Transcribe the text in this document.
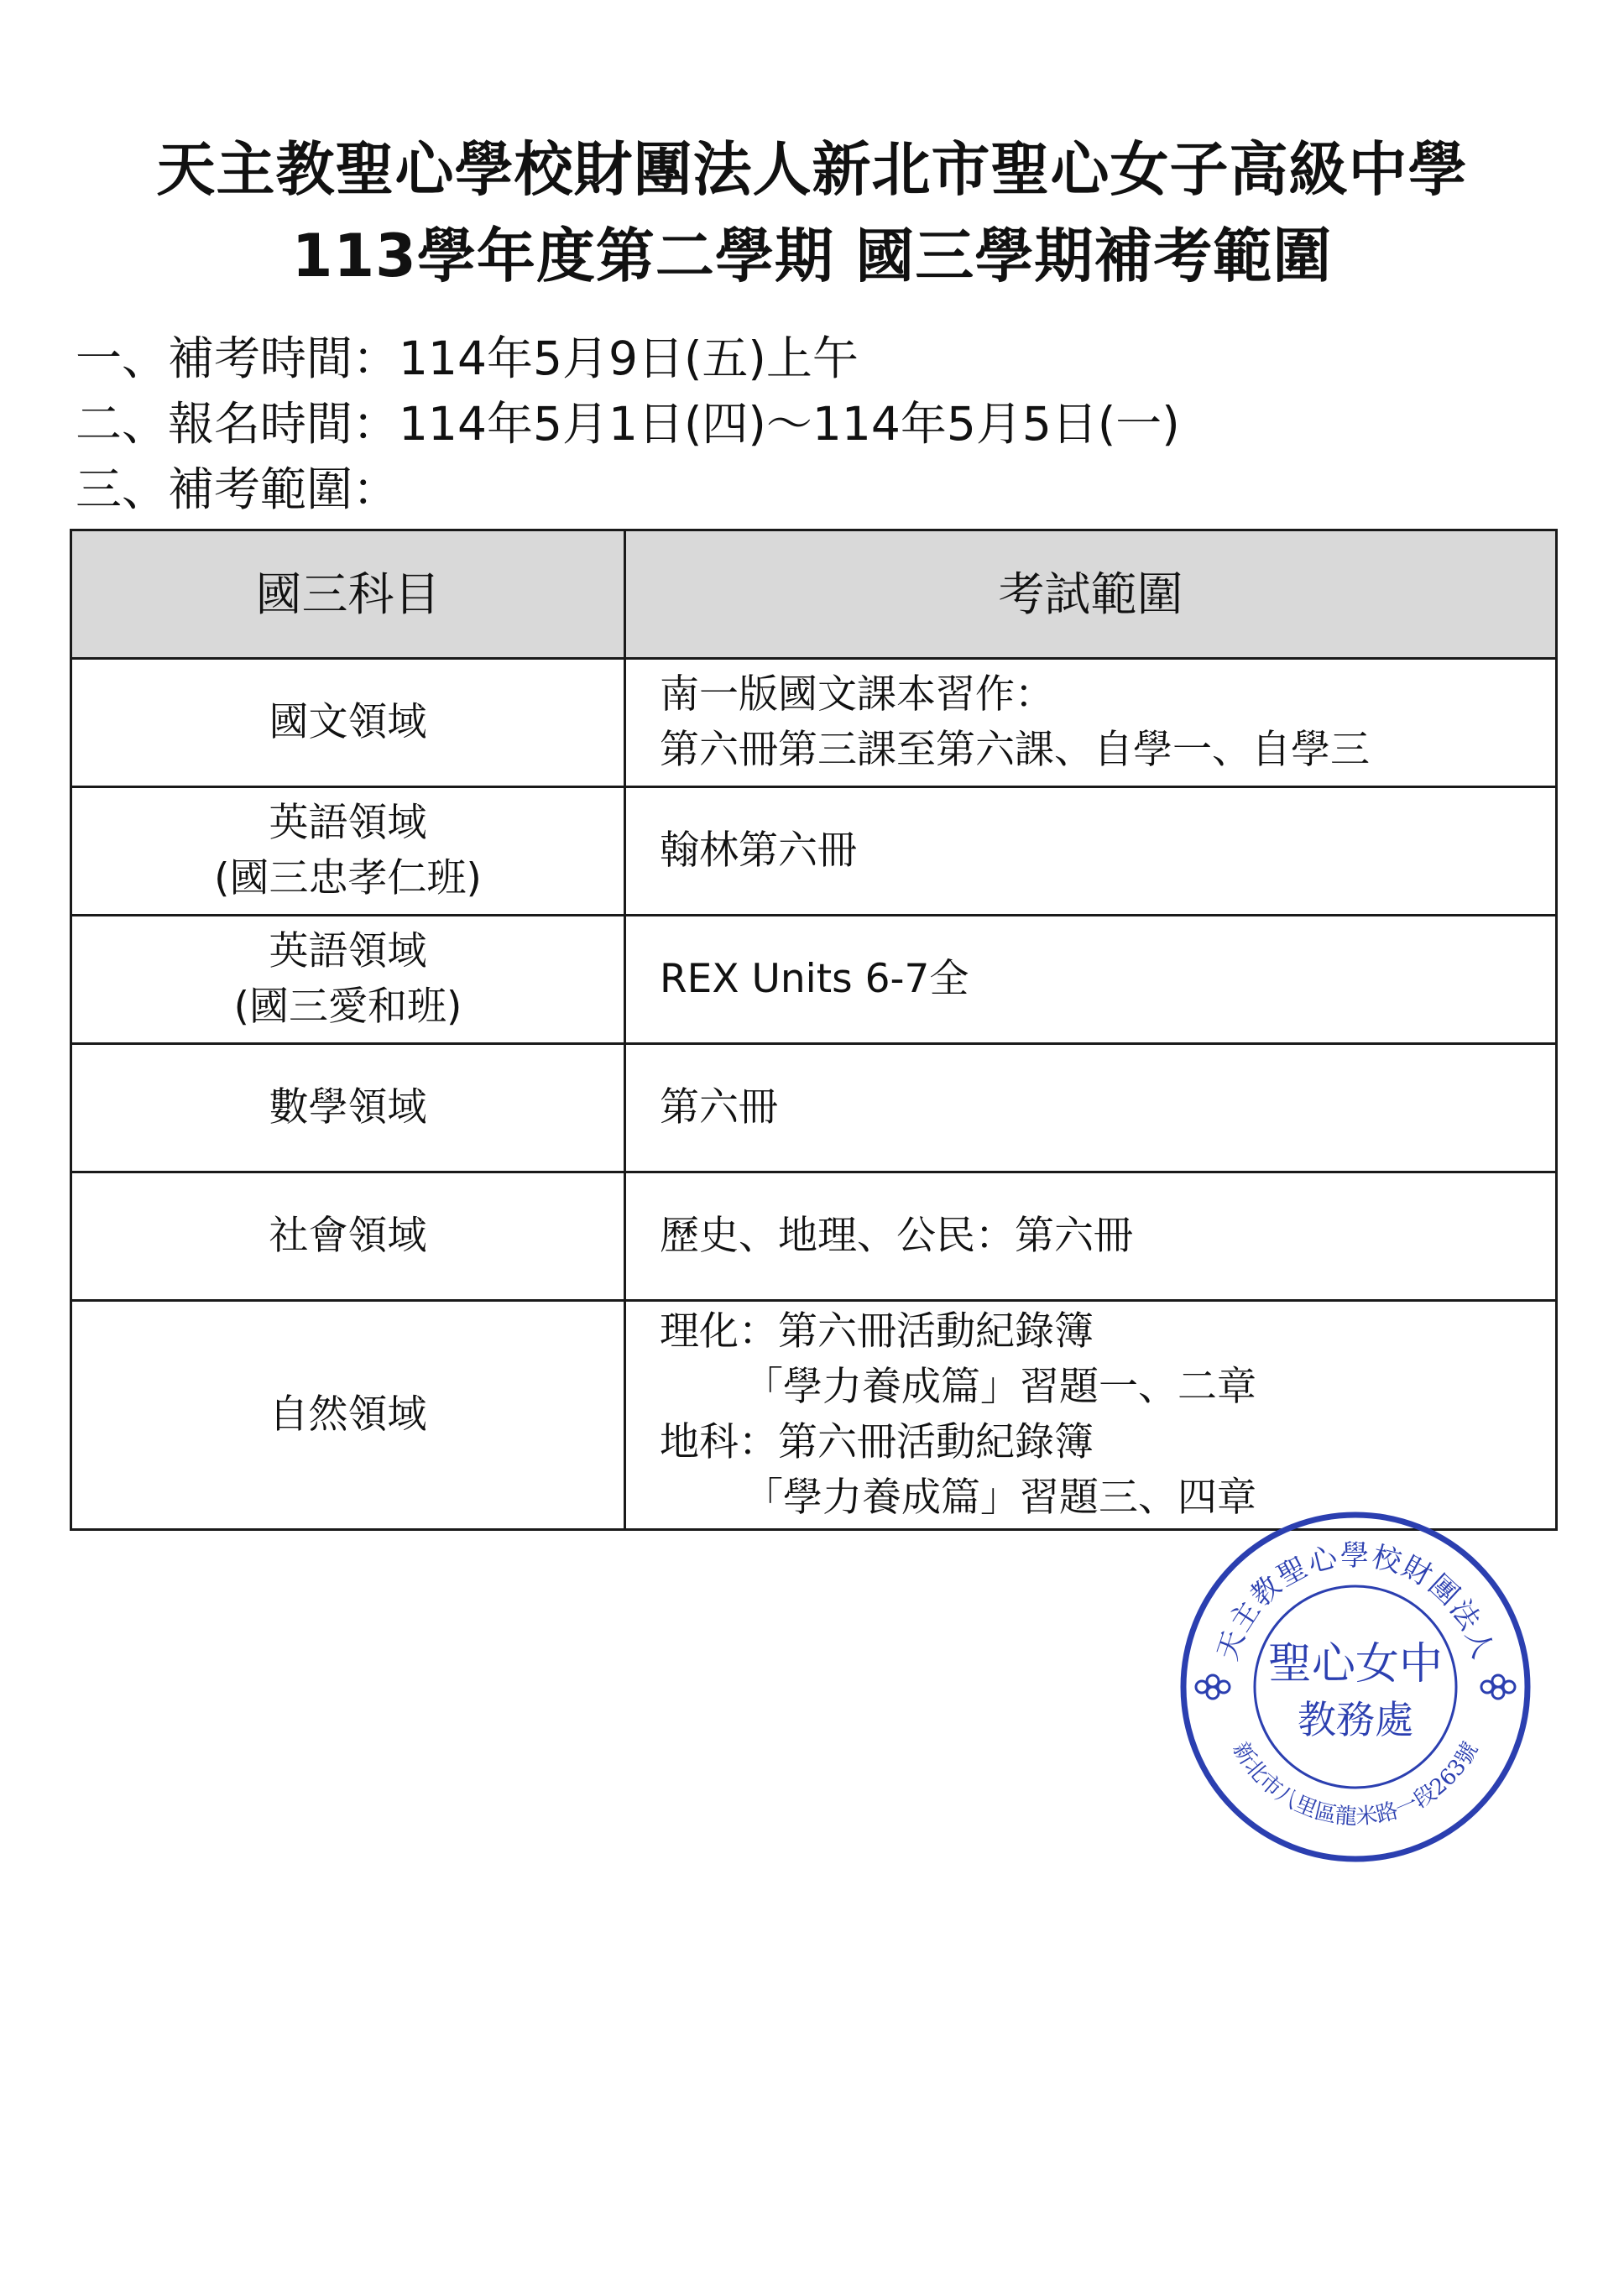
天主教聖心學校財團法人新北市聖心女子高級中學
113學年度第二學期 國三學期補考範圍
一、補考時間：114年5月9日(五)上午
二、報名時間：114年5月1日(四)～114年5月5日(一)
三、補考範圍：
國三科目	考試範圍

國文領域	南一版國文課本習作：
第六冊第三課至第六課、自學一、自學三

英語領域
(國三忠孝仁班)	翰林第六冊

英語領域
(國三愛和班)	REX Units 6-7全

數學領域	第六冊

社會領域	歷史、地理、公民：第六冊

自然領域	理化：第六冊活動紀錄簿
「學力養成篇」習題一、二章
地科：第六冊活動紀錄簿
「學力養成篇」習題三、四章
天主教聖心學校財團法人
新北市八里區龍米路一段263號
聖心女中
教務處
